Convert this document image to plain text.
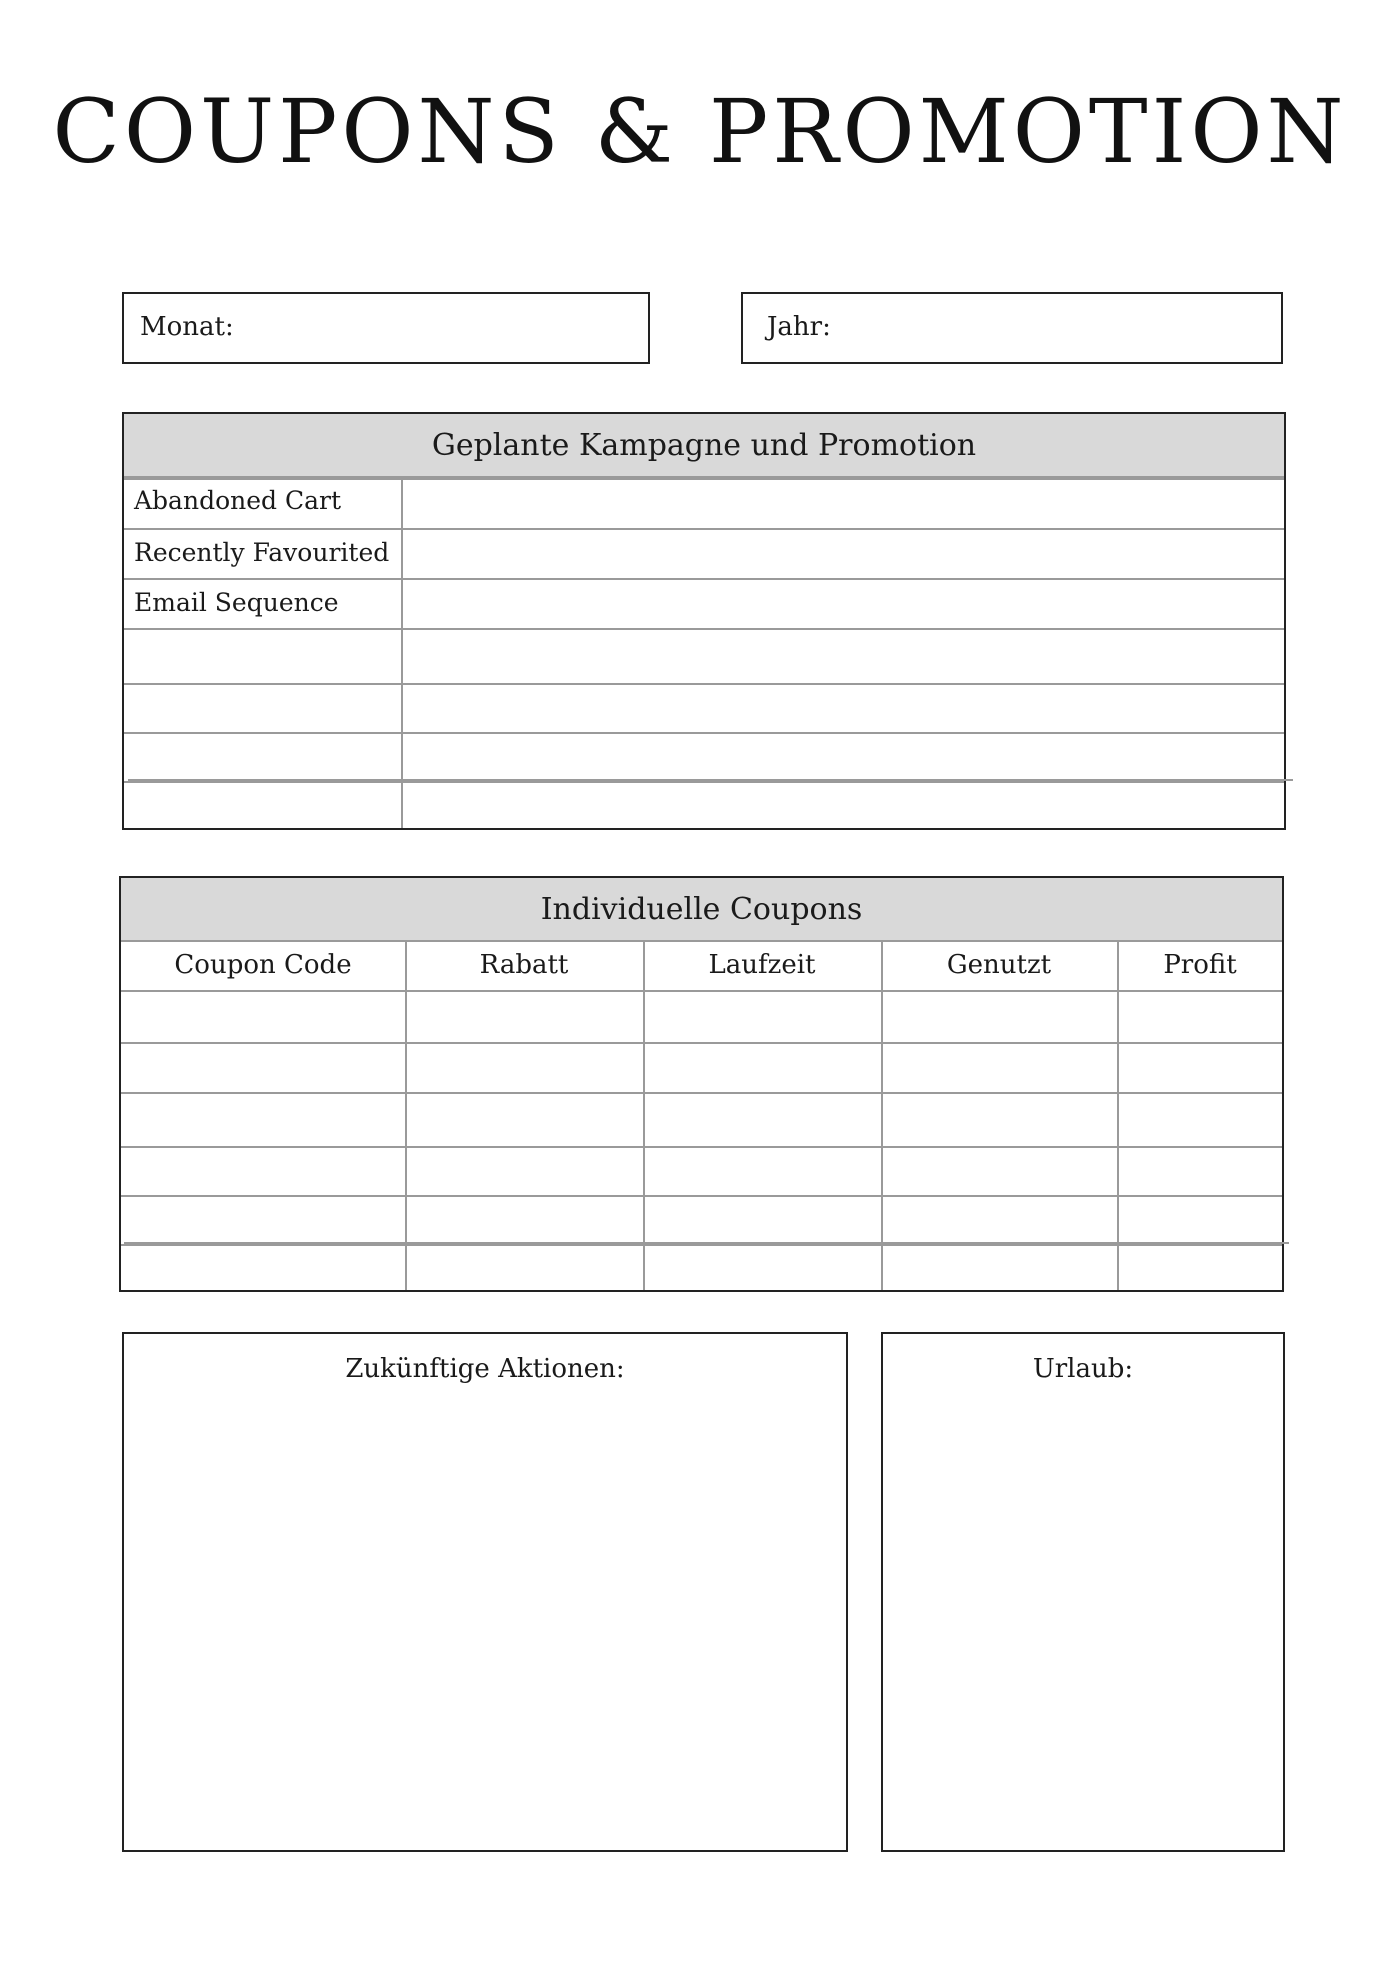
COUPONS & PROMOTION
Monat:	Jahr:
Geplante Kampagne und Promotion
Abandoned Cart
Recently Favourited
Email Sequence
Individuelle Coupons
Coupon Code	Rabatt	Laufzeit	Genutzt	Profit
Zukünftige Aktionen:	Urlaub:
